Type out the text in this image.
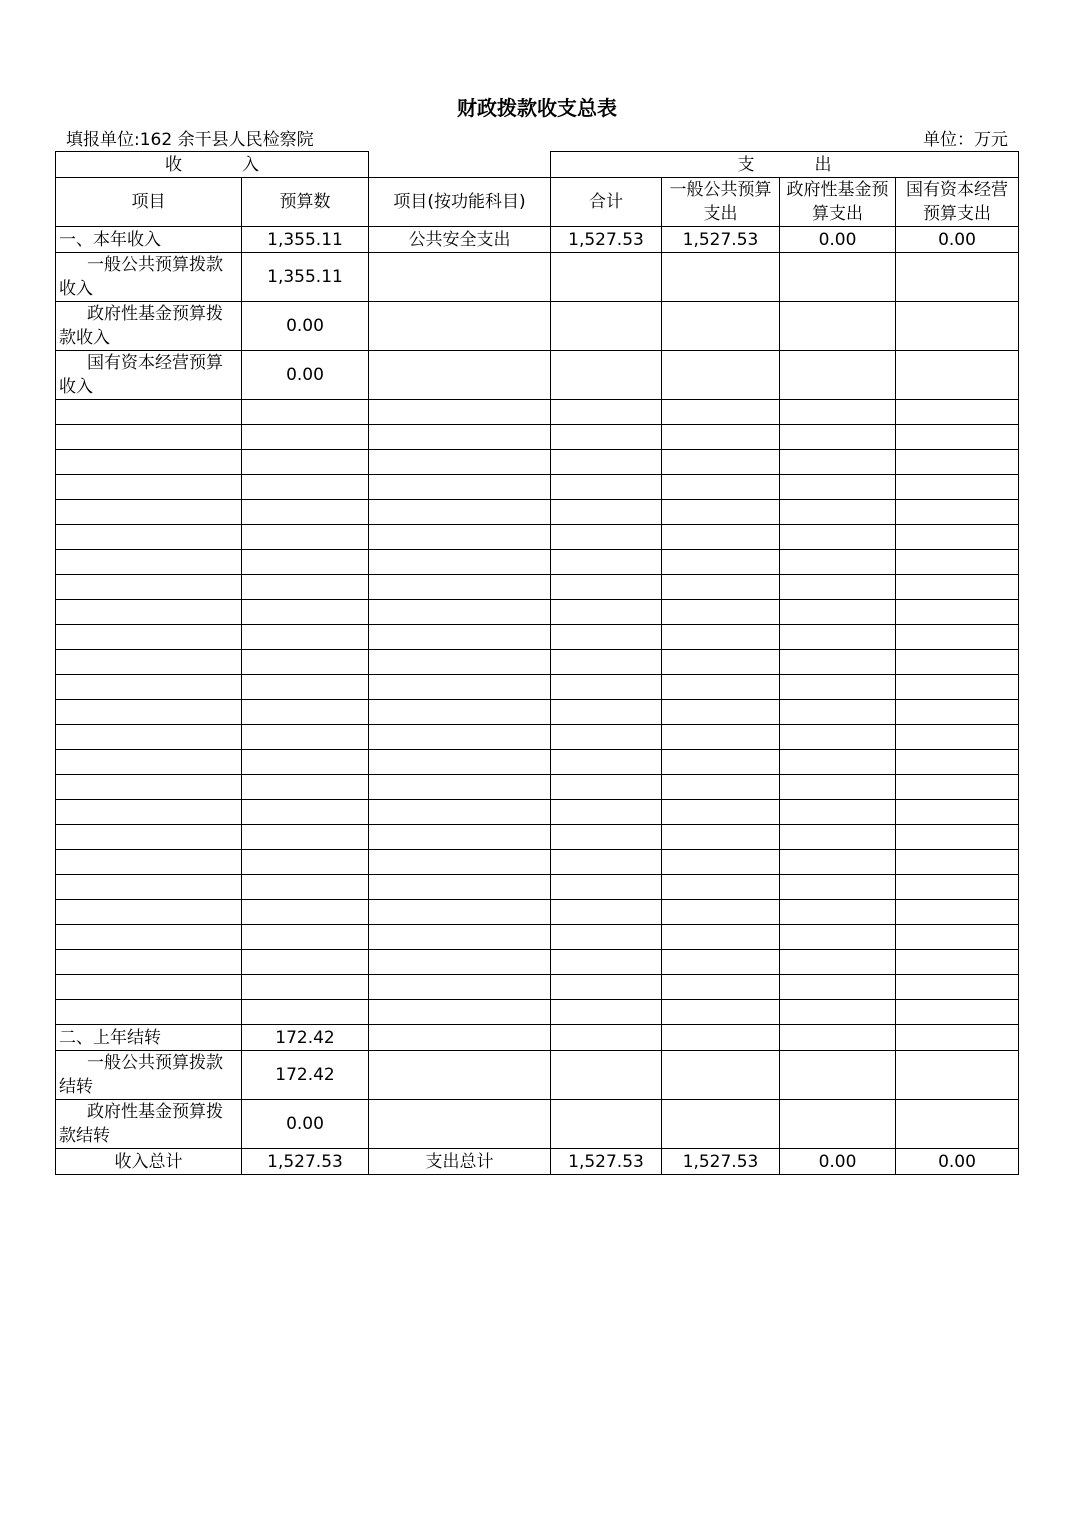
财政拨款收支总表
填报单位:162 余干县人民检察院	单位：万元
收 入			支 出			
项目	预算数	项目(按功能科目)	合计	一般公共预算支出	政府性基金预算支出	国有资本经营预算支出
一、本年收入	1,355.11	公共安全支出	1,527.53	1,527.53	0.00	0.00
一般公共预算拨款收入	1,355.11					
政府性基金预算拨款收入	0.00					
国有资本经营预算收入	0.00					

二、上年结转	172.42					
一般公共预算拨款结转	172.42					
政府性基金预算拨款结转	0.00					
收入总计	1,527.53	支出总计	1,527.53	1,527.53	0.00	0.00
